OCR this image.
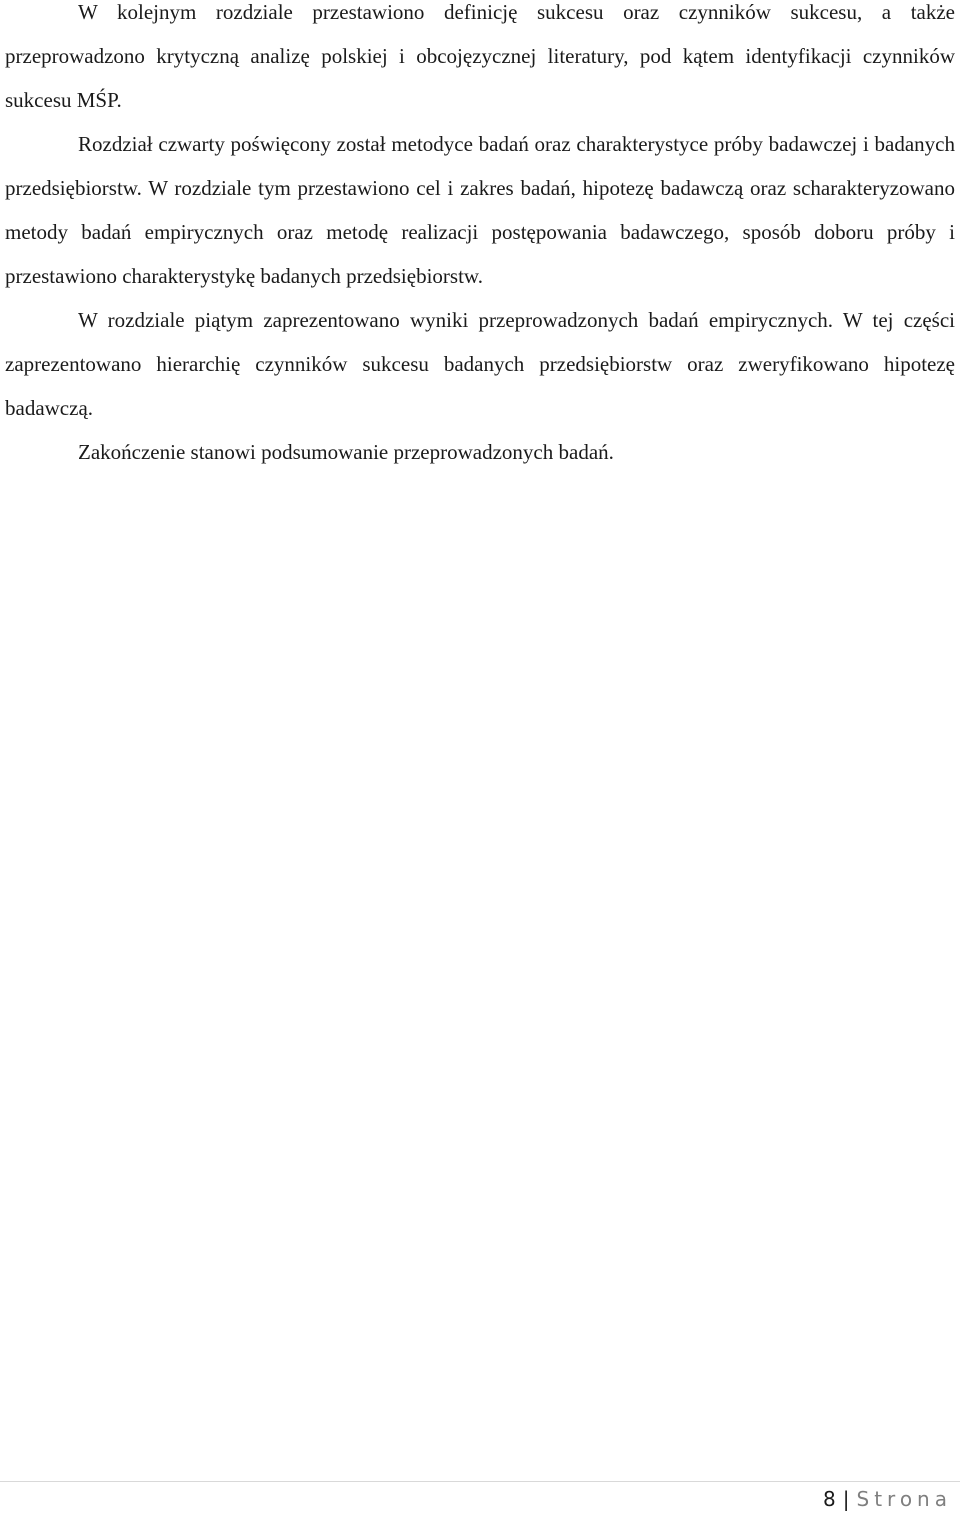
W kolejnym rozdziale przestawiono definicję sukcesu oraz czynników sukcesu, a także przeprowadzono krytyczną analizę polskiej i obcojęzycznej literatury, pod kątem identyfikacji czynników sukcesu MŚP.

Rozdział czwarty poświęcony został metodyce badań oraz charakterystyce próby badawczej i badanych przedsiębiorstw. W rozdziale tym przestawiono cel i zakres badań, hipotezę badawczą oraz scharakteryzowano metody badań empirycznych oraz metodę realizacji postępowania badawczego, sposób doboru próby i przestawiono charakterystykę badanych przedsiębiorstw.

W rozdziale piątym zaprezentowano wyniki przeprowadzonych badań empirycznych. W tej części zaprezentowano hierarchię czynników sukcesu badanych przedsiębiorstw oraz zweryfikowano hipotezę badawczą.

Zakończenie stanowi podsumowanie przeprowadzonych badań.

8 | Strona
